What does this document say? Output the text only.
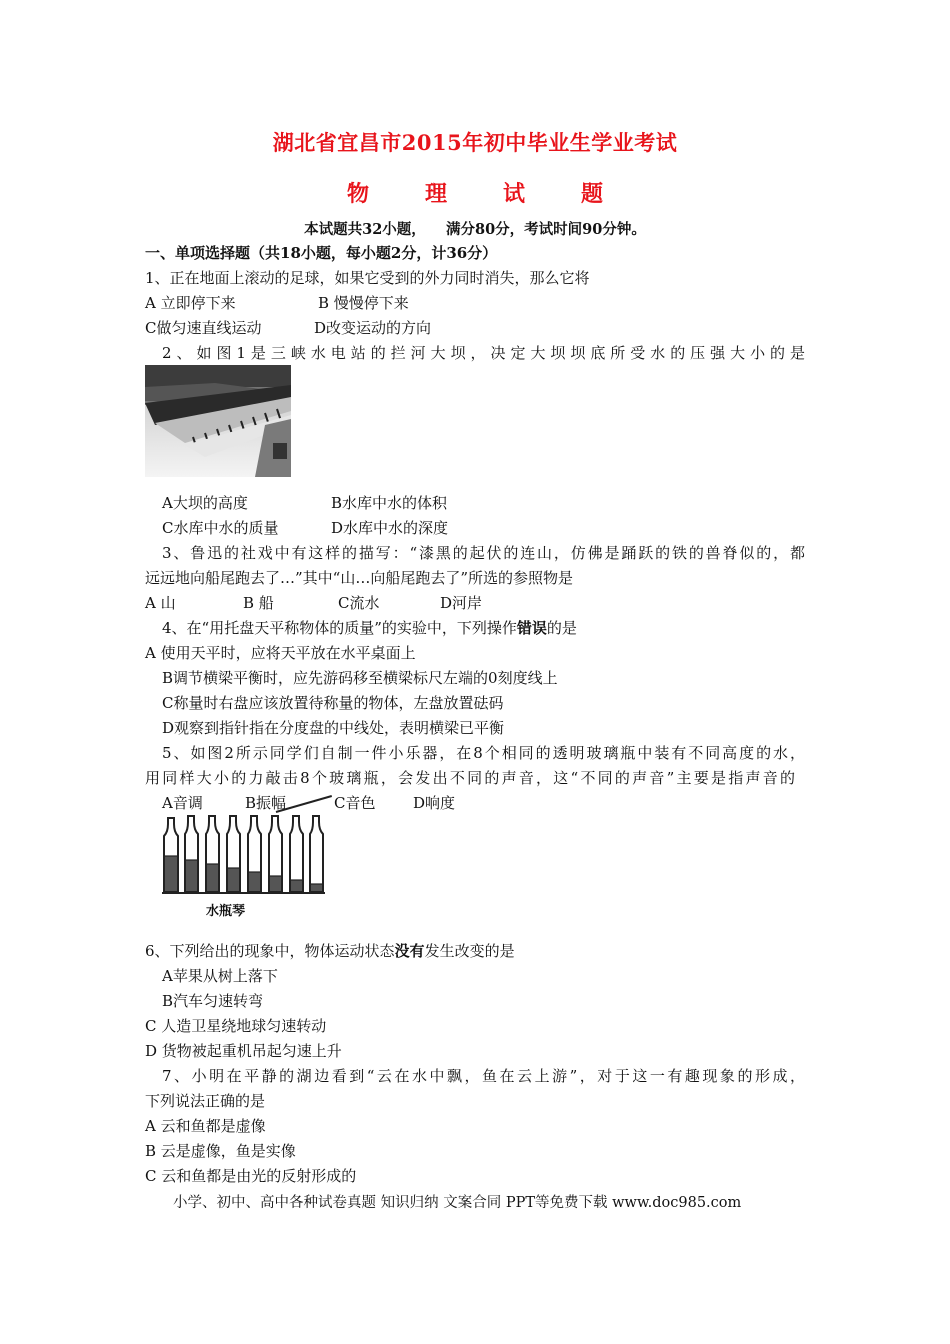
湖北省宜昌市2015年初中毕业生学业考试
物	理	试	题
本试题共32小题，    满分80分，考试时间90分钟。
一、单项选择题（共18小题，每小题2分，计36分）
1、正在地面上滚动的足球，如果它受到的外力同时消失，那么它将
A 立即停下来	B 慢慢停下来
C做匀速直线运动	D改变运动的方向
2、如图1是三峡水电站的拦河大坝，决定大坝坝底所受水的压强大小的是
A大坝的高度	B水库中水的体积
C水库中水的质量	D水库中水的深度
3、鲁迅的社戏中有这样的描写：“漆黑的起伏的连山，仿佛是踊跃的铁的兽脊似的，都
远远地向船尾跑去了…”其中“山…向船尾跑去了”所选的参照物是
A 山	B 船	C流水	D河岸
4、在“用托盘天平称物体的质量”的实验中，下列操作错误的是
A 使用天平时，应将天平放在水平桌面上
B调节横梁平衡时，应先游码移至横梁标尺左端的0刻度线上
C称量时右盘应该放置待称量的物体，左盘放置砝码
D观察到指针指在分度盘的中线处，表明横梁已平衡
5、如图2所示同学们自制一件小乐器，在8个相同的透明玻璃瓶中装有不同高度的水，
用同样大小的力敲击8个玻璃瓶，会发出不同的声音，这“不同的声音”主要是指声音的
A音调	B振幅	C音色	D响度
水瓶琴
6、下列给出的现象中，物体运动状态没有发生改变的是
A苹果从树上落下
B汽车匀速转弯
C 人造卫星绕地球匀速转动
D 货物被起重机吊起匀速上升
7、小明在平静的湖边看到“云在水中飘，鱼在云上游”，对于这一有趣现象的形成，
下列说法正确的是
A 云和鱼都是虚像
B 云是虚像，鱼是实像
C 云和鱼都是由光的反射形成的
小学、初中、高中各种试卷真题 知识归纳 文案合同 PPT等免费下载 www.doc985.com
